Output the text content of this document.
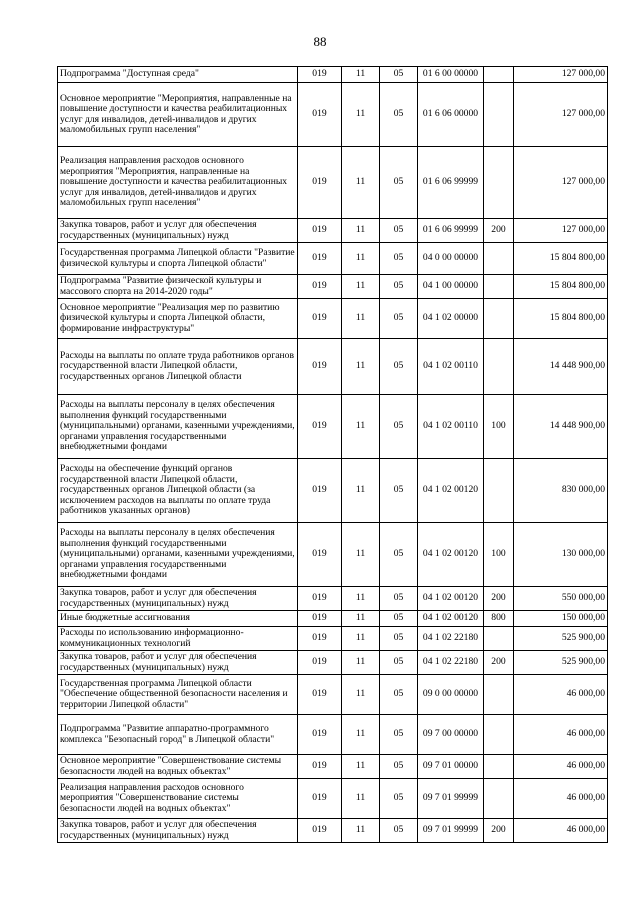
88
Подпрограмма "Доступная среда"	019	11	05	01 6 00 00000		127 000,00
Основное мероприятие "Мероприятия, направленные на повышение доступности и качества реабилитационных услуг для инвалидов, детей-инвалидов и других маломобильных групп населения"	019	11	05	01 6 06 00000		127 000,00
Реализация направления расходов основного мероприятия "Мероприятия, направленные на повышение доступности и качества реабилитационных услуг для инвалидов, детей-инвалидов и других маломобильных групп населения"	019	11	05	01 6 06 99999		127 000,00
Закупка товаров, работ и услуг для обеспечения государственных (муниципальных) нужд	019	11	05	01 6 06 99999	200	127 000,00
Государственная программа Липецкой области "Развитие физической культуры и спорта Липецкой области"	019	11	05	04 0 00 00000		15 804 800,00
Подпрограмма "Развитие физической культуры и массового спорта на 2014-2020 годы"	019	11	05	04 1 00 00000		15 804 800,00
Основное мероприятие "Реализация мер по развитию физической культуры и спорта Липецкой области, формирование инфраструктуры"	019	11	05	04 1 02 00000		15 804 800,00
Расходы на выплаты по оплате труда работников органов государственной власти Липецкой области, государственных органов Липецкой области	019	11	05	04 1 02 00110		14 448 900,00
Расходы на выплаты персоналу в целях обеспечения выполнения функций государственными (муниципальными) органами, казенными учреждениями, органами управления государственными внебюджетными фондами	019	11	05	04 1 02 00110	100	14 448 900,00
Расходы на обеспечение функций органов государственной власти Липецкой области, государственных органов Липецкой области (за исключением расходов на выплаты по оплате труда работников указанных органов)	019	11	05	04 1 02 00120		830 000,00
Расходы на выплаты персоналу в целях обеспечения выполнения функций государственными (муниципальными) органами, казенными учреждениями, органами управления государственными внебюджетными фондами	019	11	05	04 1 02 00120	100	130 000,00
Закупка товаров, работ и услуг для обеспечения государственных (муниципальных) нужд	019	11	05	04 1 02 00120	200	550 000,00
Иные бюджетные ассигнования	019	11	05	04 1 02 00120	800	150 000,00
Расходы по использованию информационно-коммуникационных технологий	019	11	05	04 1 02 22180		525 900,00
Закупка товаров, работ и услуг для обеспечения государственных (муниципальных) нужд	019	11	05	04 1 02 22180	200	525 900,00
Государственная программа Липецкой области "Обеспечение общественной безопасности населения и территории Липецкой области"	019	11	05	09 0 00 00000		46 000,00
Подпрограмма "Развитие аппаратно-программного комплекса "Безопасный город" в Липецкой области"	019	11	05	09 7 00 00000		46 000,00
Основное мероприятие "Совершенствование системы безопасности людей на водных объектах"	019	11	05	09 7 01 00000		46 000,00
Реализация направления расходов основного мероприятия "Совершенствование системы безопасности людей на водных объектах"	019	11	05	09 7 01 99999		46 000,00
Закупка товаров, работ и услуг для обеспечения государственных (муниципальных) нужд	019	11	05	09 7 01 99999	200	46 000,00
